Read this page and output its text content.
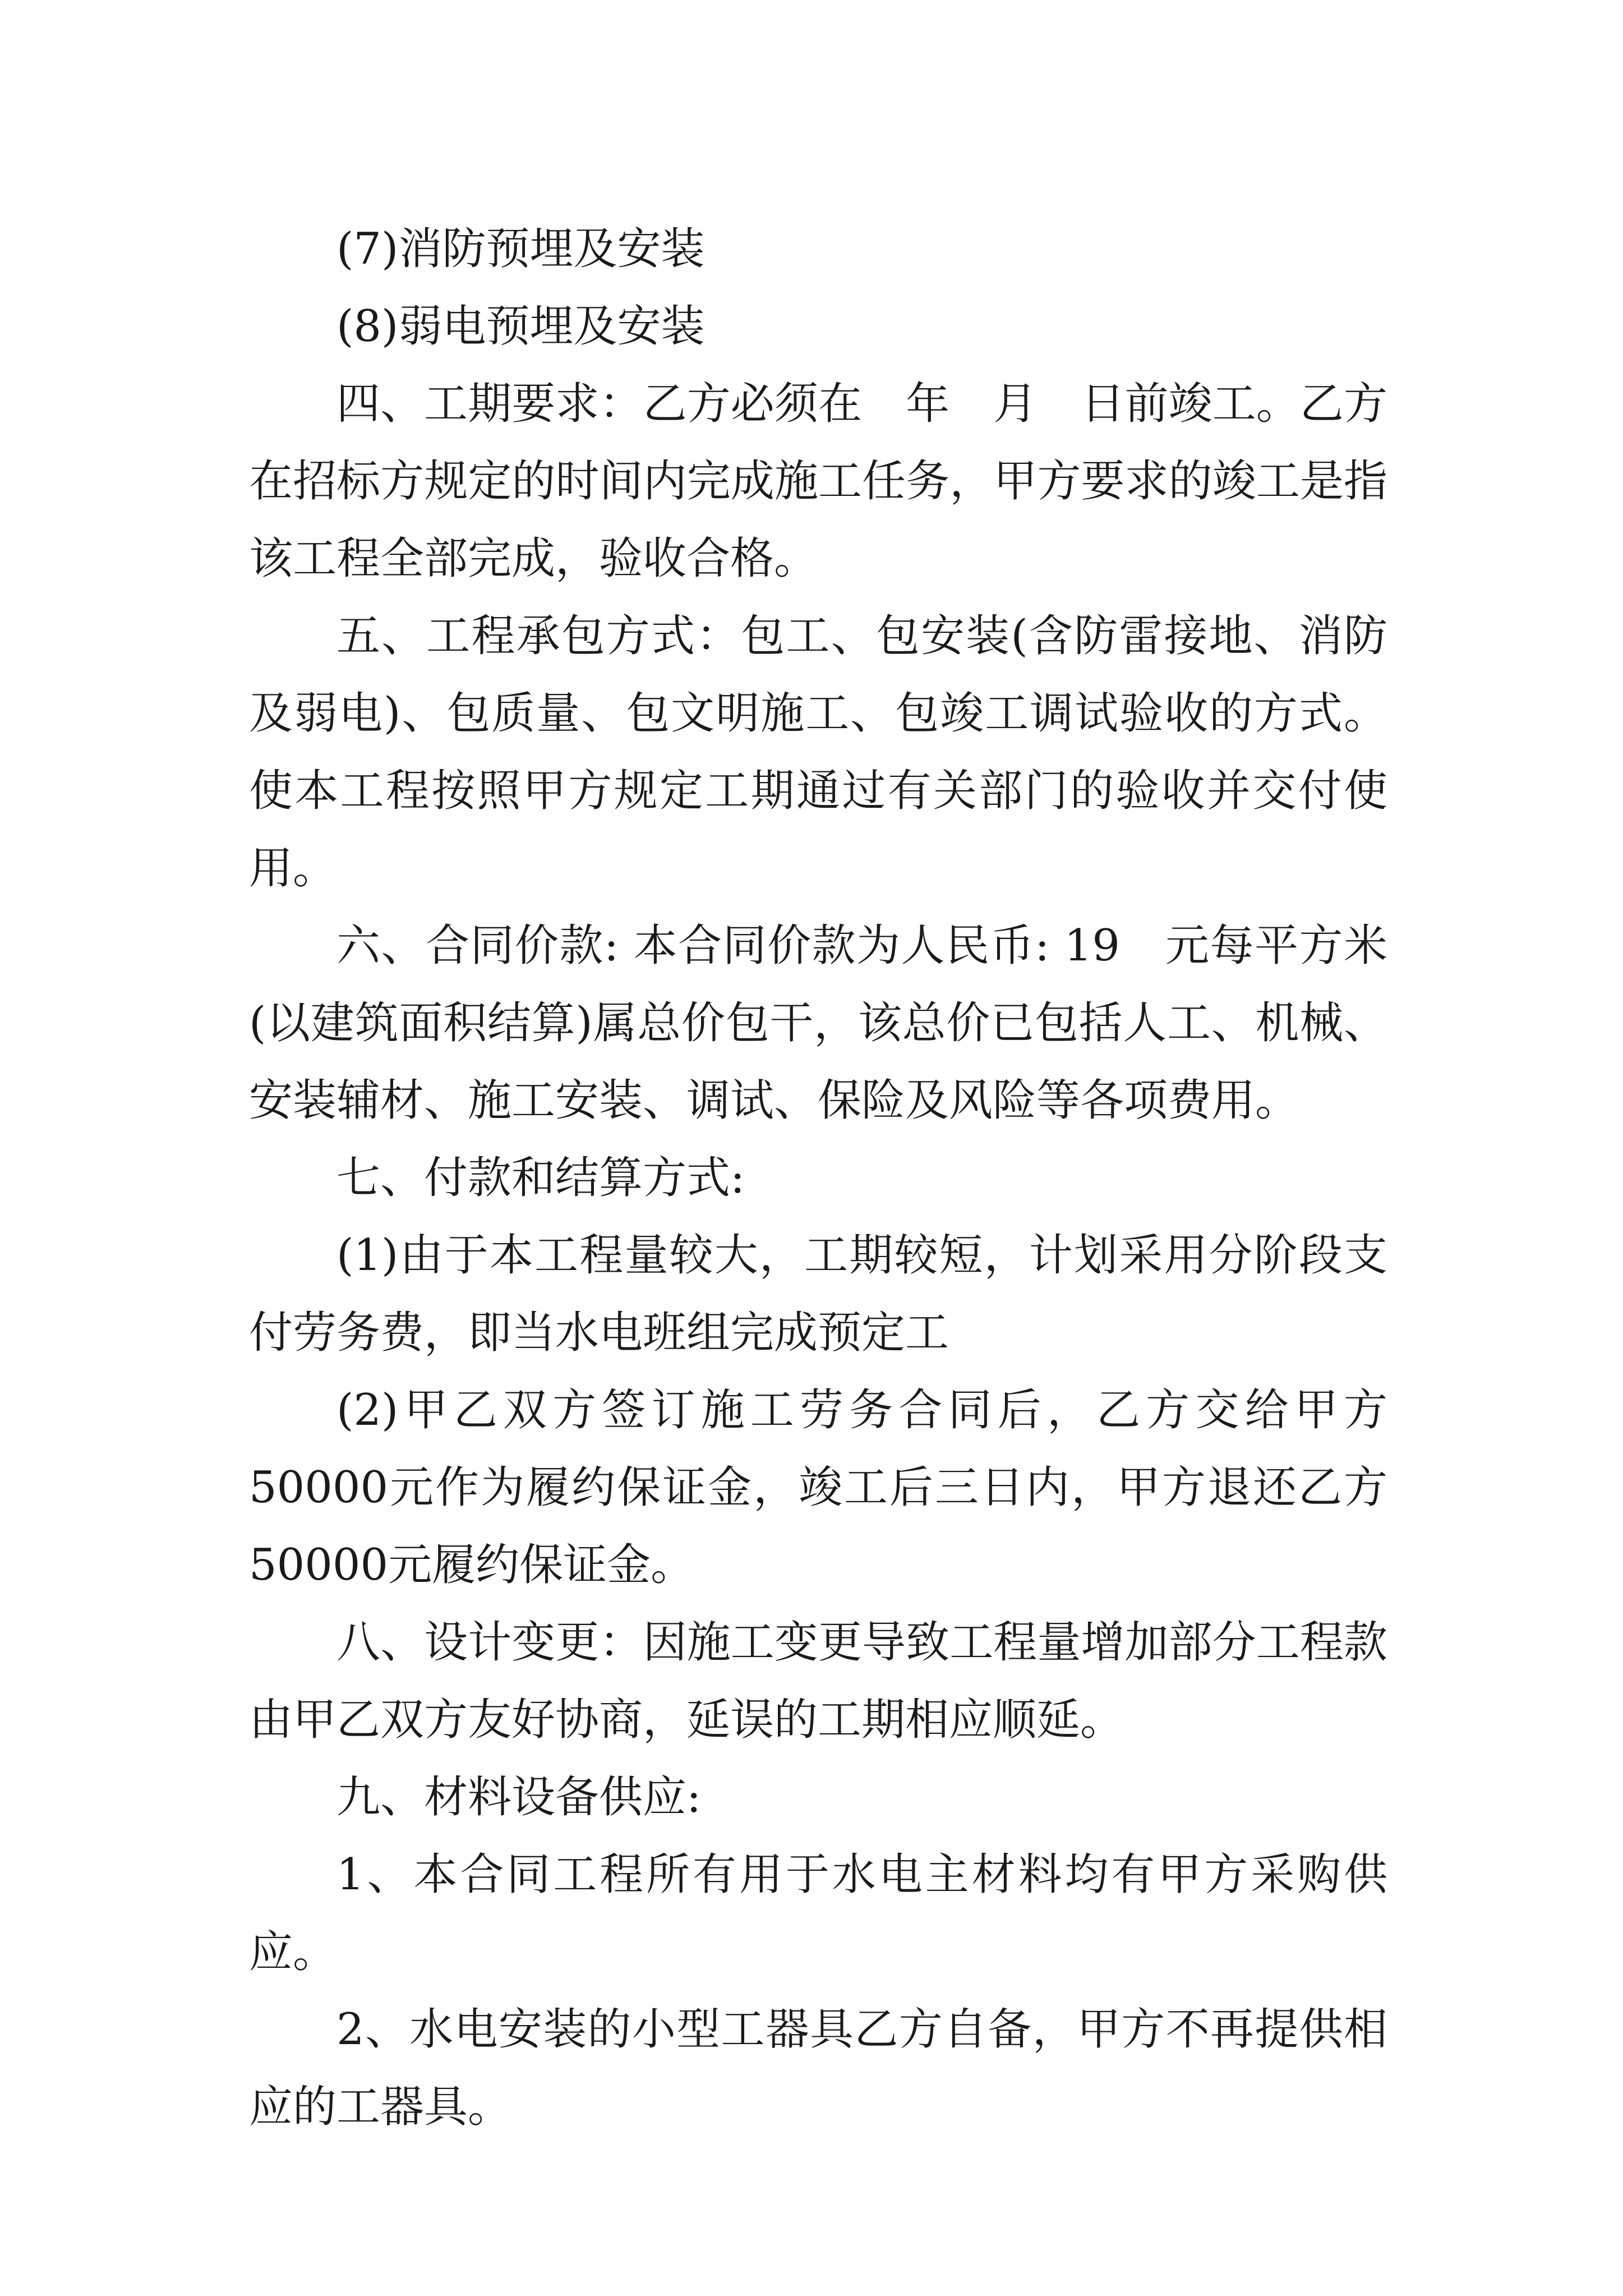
(7)消防预埋及安装

(8)弱电预埋及安装

四、工期要求：乙方必须在　年　月　日前竣工。乙方在招标方规定的时间内完成施工任务，甲方要求的竣工是指该工程全部完成，验收合格。

五、工程承包方式：包工、包安装(含防雷接地、消防及弱电)、包质量、包文明施工、包竣工调试验收的方式。使本工程按照甲方规定工期通过有关部门的验收并交付使用。

六、合同价款: 本合同价款为人民币: 19　元每平方米(以建筑面积结算)属总价包干，该总价已包括人工、机械、安装辅材、施工安装、调试、保险及风险等各项费用。

七、付款和结算方式:

(1)由于本工程量较大，工期较短，计划采用分阶段支付劳务费，即当水电班组完成预定工

(2)甲乙双方签订施工劳务合同后，乙方交给甲方50000元作为履约保证金，竣工后三日内，甲方退还乙方50000元履约保证金。

八、设计变更：因施工变更导致工程量增加部分工程款由甲乙双方友好协商，延误的工期相应顺延。

九、材料设备供应:

1、本合同工程所有用于水电主材料均有甲方采购供应。

2、水电安装的小型工器具乙方自备，甲方不再提供相应的工器具。
